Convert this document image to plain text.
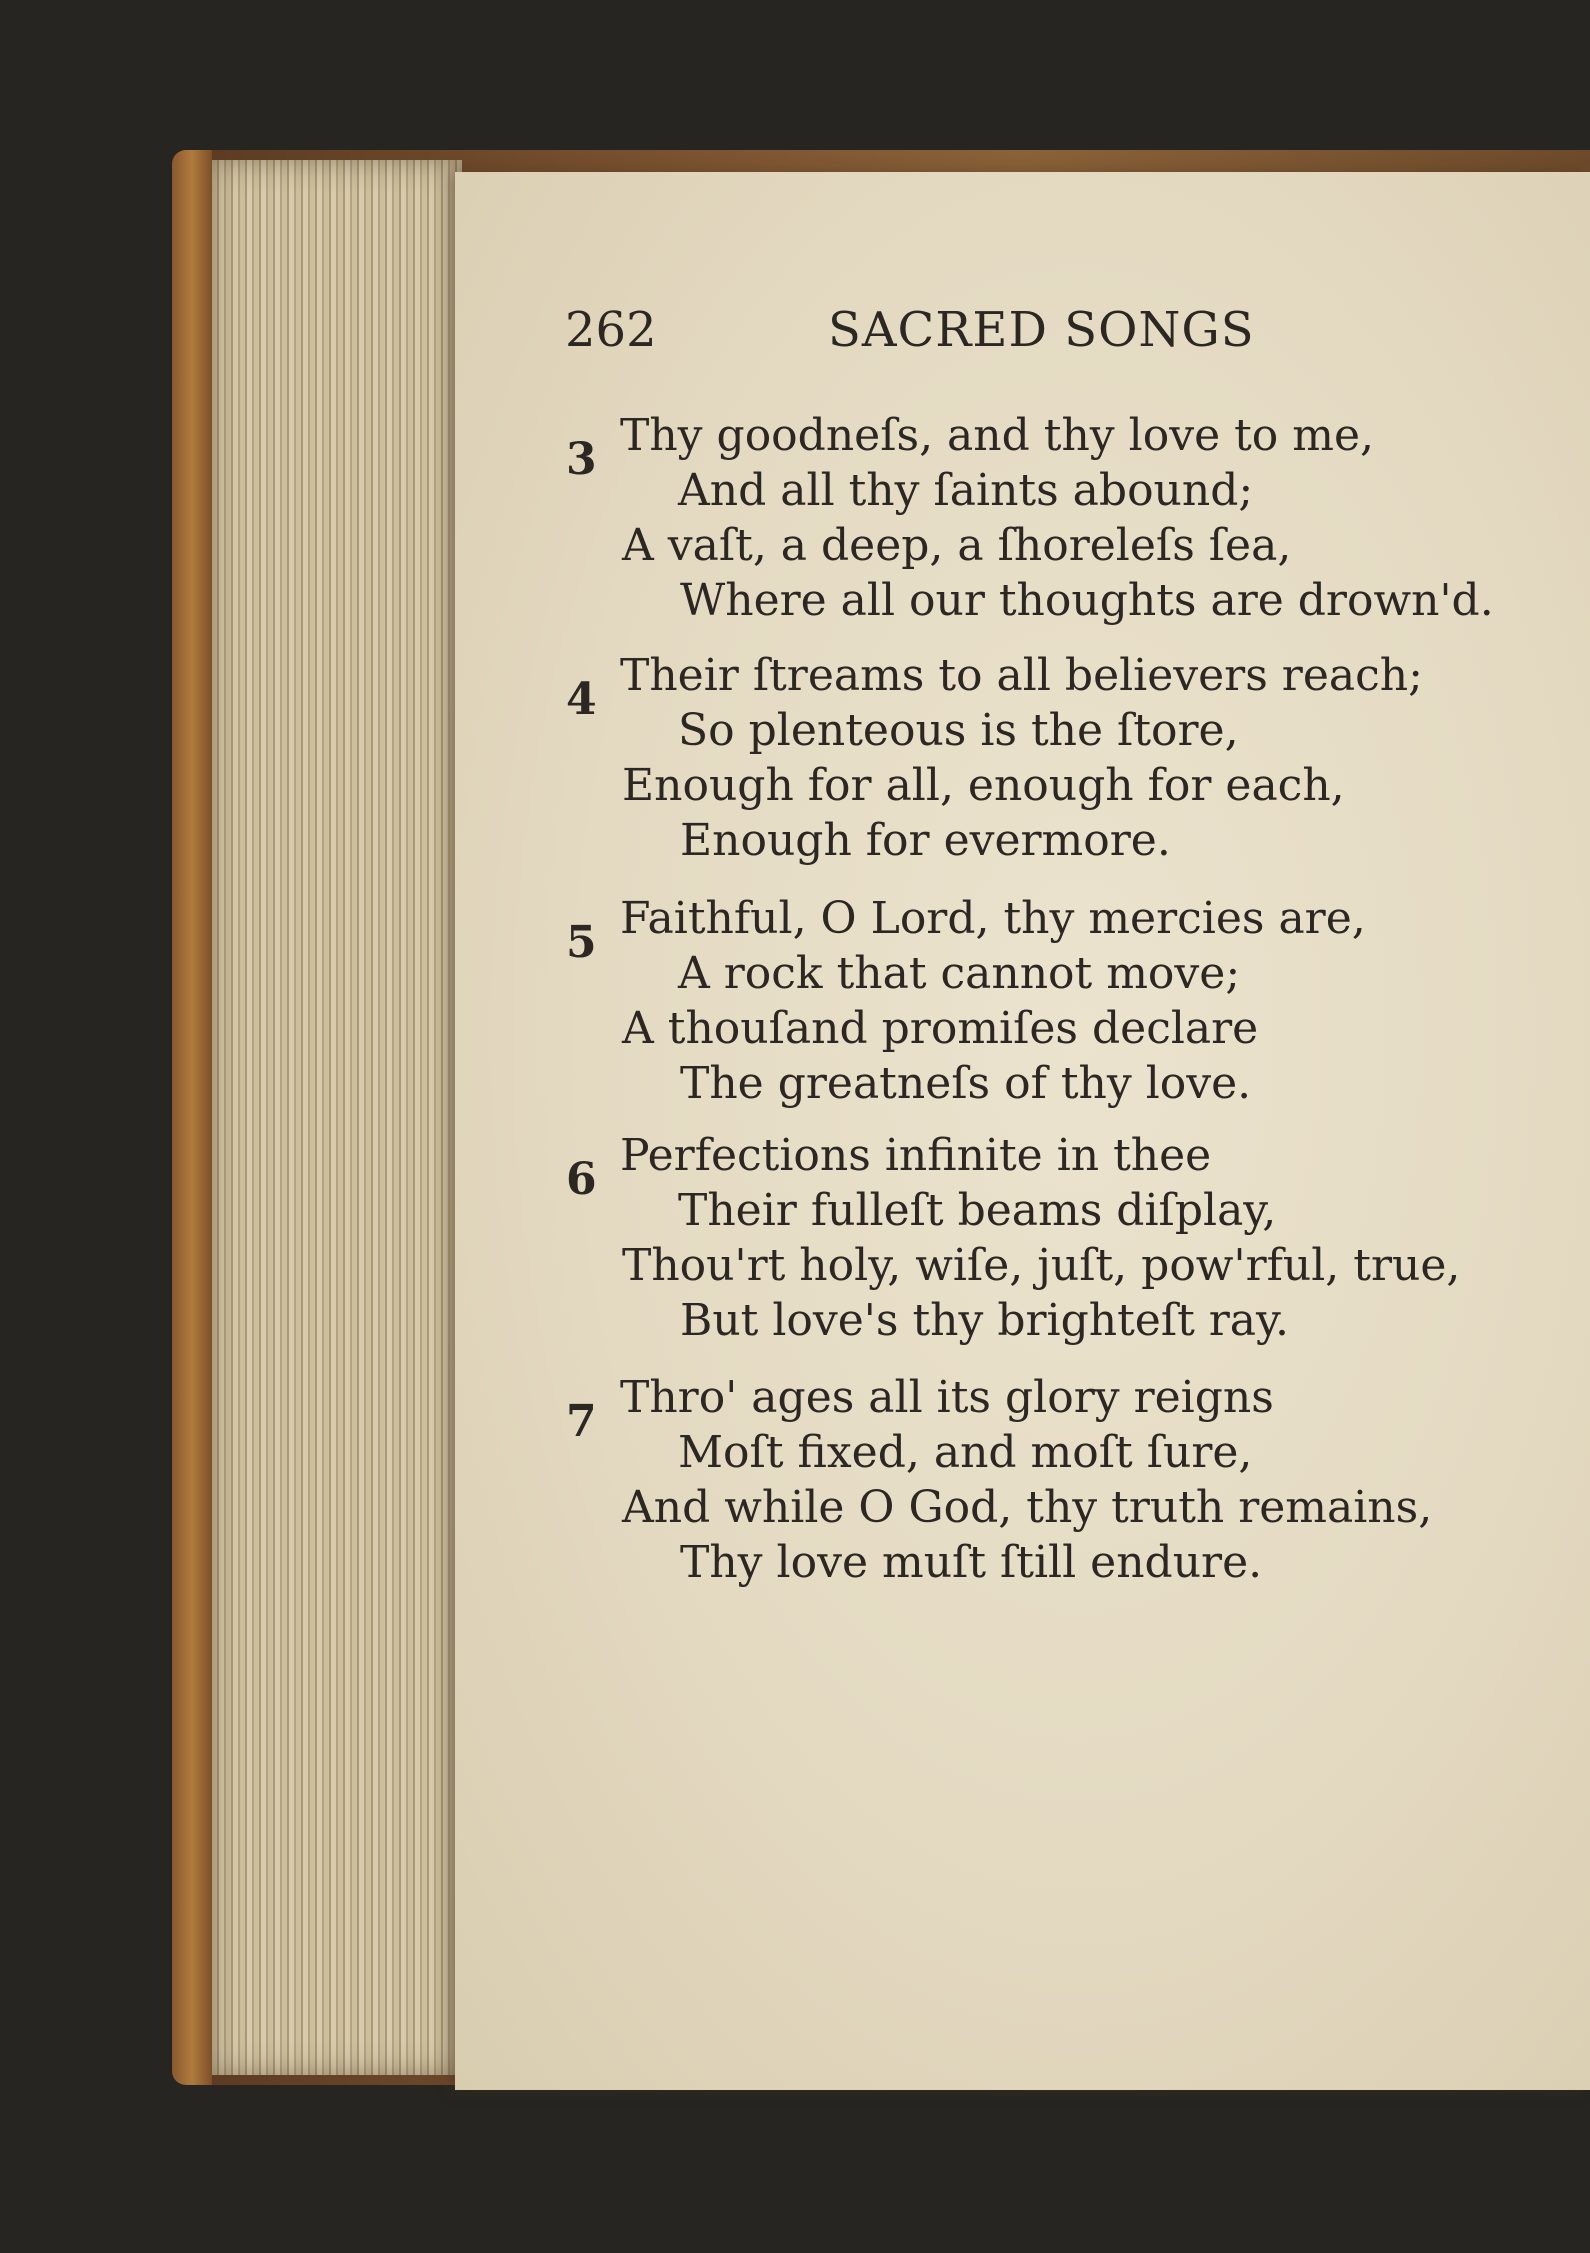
262	SACRED SONGS
3 Thy goodneſs, and thy love to me,
And all thy ſaints abound;
A vaſt, a deep, a ſhoreleſs ſea,
Where all our thoughts are drown'd.
4 Their ſtreams to all believers reach;
So plenteous is the ſtore,
Enough for all, enough for each,
Enough for evermore.
5 Faithful, O Lord, thy mercies are,
A rock that cannot move;
A thouſand promiſes declare
The greatneſs of thy love.
6 Perfections infinite in thee
Their fulleſt beams diſplay,
Thou'rt holy, wiſe, juſt, pow'rful, true,
But love's thy brighteſt ray.
7 Thro' ages all its glory reigns
Moſt fixed, and moſt ſure,
And while O God, thy truth remains,
Thy love muſt ſtill endure.
